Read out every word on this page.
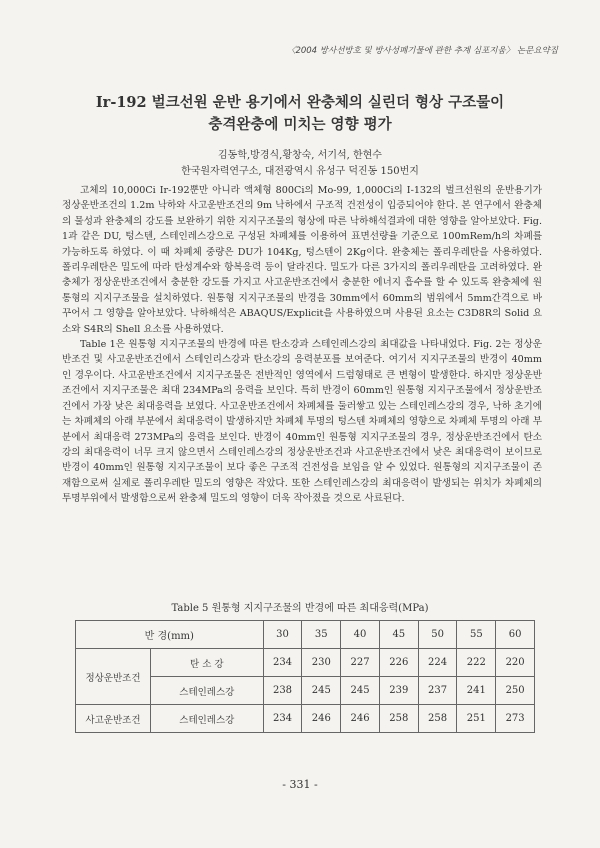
〈2004 방사선방호 및 방사성폐기물에 관한 추계 심포지움〉 논문요약집
Ir-192 벌크선원 운반 용기에서 완충체의 실린더 형상 구조물이
충격완충에 미치는 영향 평가
김동학,방경식,황창숙, 서기석, 한현수
한국원자력연구소, 대전광역시 유성구 덕진동 150번지

고체의 10,000Ci Ir-192뿐만 아니라 액체형 800Ci의 Mo-99, 1,000Ci의 I-132의 벌크선원의 운반용기가 정상운반조건의 1.2m 낙하와 사고운반조건의 9m 낙하에서 구조적 건전성이 입증되어야 한다. 본 연구에서 완충체의 물성과 완충체의 강도를 보완하기 위한 지지구조물의 형상에 따른 낙하해석결과에 대한 영향을 알아보았다. Fig. 1과 같은 DU, 텅스텐, 스테인레스강으로 구성된 차폐체를 이용하여 표면선량율 기준으로 100mRem/h의 차폐를 가능하도록 하였다. 이 때 차폐체 중량은 DU가 104Kg, 텅스텐이 2Kg이다. 완충체는 폴리우레탄을 사용하였다. 폴리우레탄은 밀도에 따라 탄성계수와 항복응력 등이 달라진다. 밀도가 다른 3가지의 폴리우레탄을 고려하였다. 완충체가 정상운반조건에서 충분한 강도를 가지고 사고운반조건에서 충분한 에너지 흡수를 할 수 있도록 완충체에 원통형의 지지구조물을 설치하였다. 원통형 지지구조물의 반경을 30mm에서 60mm의 범위에서 5mm간격으로 바꾸어서 그 영향을 알아보았다. 낙하해석은 ABAQUS/Explicit을 사용하였으며 사용된 요소는 C3D8R의 Solid 요소와 S4R의 Shell 요소를 사용하였다.

Table 1은 원통형 지지구조물의 반경에 따른 탄소강과 스테인레스강의 최대값을 나타내었다. Fig. 2는 정상운반조건 및 사고운반조건에서 스테인리스강과 탄소강의 응력분포를 보여준다. 여기서 지지구조물의 반경이 40mm인 경우이다. 사고운반조건에서 지지구조물은 전반적인 영역에서 드럼형태로 큰 변형이 발생한다. 하지만 정상운반조건에서 지지구조물은 최대 234MPa의 응력을 보인다. 특히 반경이 60mm인 원통형 지지구조물에서 정상운반조건에서 가장 낮은 최대응력을 보였다. 사고운반조건에서 차폐체를 둘러쌓고 있는 스테인레스강의 경우, 낙하 초기에는 차폐체의 아래 부분에서 최대응력이 발생하지만 차폐체 투명의 텅스텐 차폐체의 영향으로 차폐체 투명의 아래 부분에서 최대응력 273MPa의 응력을 보인다. 반경이 40mm인 원통형 지지구조물의 경우, 정상운반조건에서 탄소강의 최대응력이 너무 크지 않으면서 스테인레스강의 정상운반조건과 사고운반조건에서 낮은 최대응력이 보이므로 반경이 40mm인 원통형 지지구조물이 보다 좋은 구조적 건전성을 보임을 알 수 있었다. 원통형의 지지구조물이 존재함으로써 실제로 폴리우레탄 밀도의 영향은 작았다. 또한 스테인레스강의 최대응력이 발생되는 위치가 차폐체의 투명부위에서 발생함으로써 완충체 밀도의 영향이 더욱 작아졌을 것으로 사료된다.

Table 5 원통형 지지구조물의 반경에 따른 최대응력(MPa)
반 경(mm)		30	35	40	45	50	55	60
정상운반조건	탄 소 강	234	230	227	226	224	222	220
	스테인레스강	238	245	245	239	237	241	250
사고운반조건	스테인레스강	234	246	246	258	258	251	273
- 331 -
